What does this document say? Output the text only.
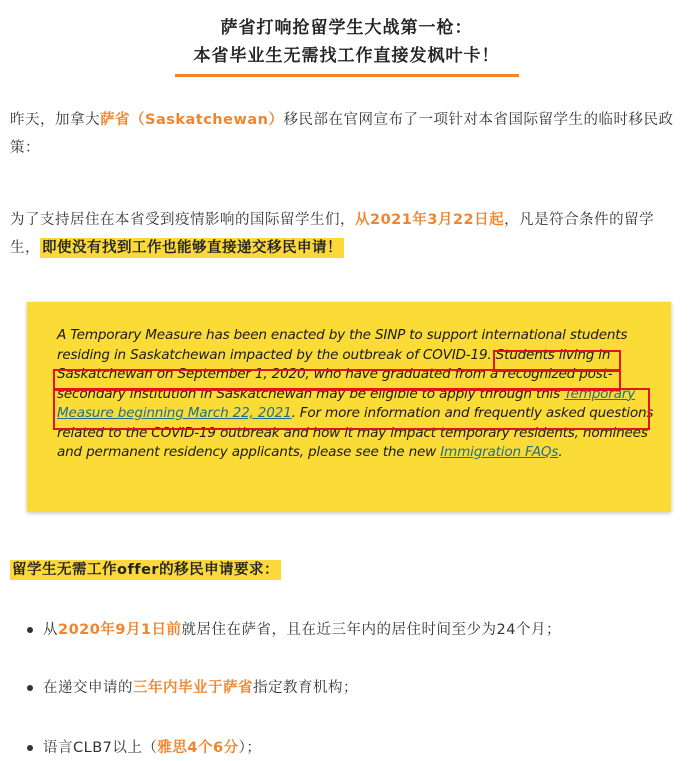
萨省打响抢留学生大战第一枪：
本省毕业生无需找工作直接发枫叶卡！

昨天，加拿大萨省（Saskatchewan）移民部在官网宣布了一项针对本省国际留学生的临时移民政策：

为了支持居住在本省受到疫情影响的国际留学生们，从2021年3月22日起，凡是符合条件的留学生， 即使没有找到工作也能够直接递交移民申请！

A Temporary Measure has been enacted by the SINP to support international students residing in Saskatchewan impacted by the outbreak of COVID-19. Students living in Saskatchewan on September 1, 2020, who have graduated from a recognized post-secondary institution in Saskatchewan may be eligible to apply through this Temporary Measure beginning March 22, 2021. For more information and frequently asked questions related to the COVID-19 outbreak and how it may impact temporary residents, nominees and permanent residency applicants, please see the new Immigration FAQs.

留学生无需工作offer的移民申请要求：

从2020年9月1日前就居住在萨省，且在近三年内的居住时间至少为24个月；
在递交申请的三年内毕业于萨省指定教育机构；
语言CLB7以上（雅思4个6分）；
